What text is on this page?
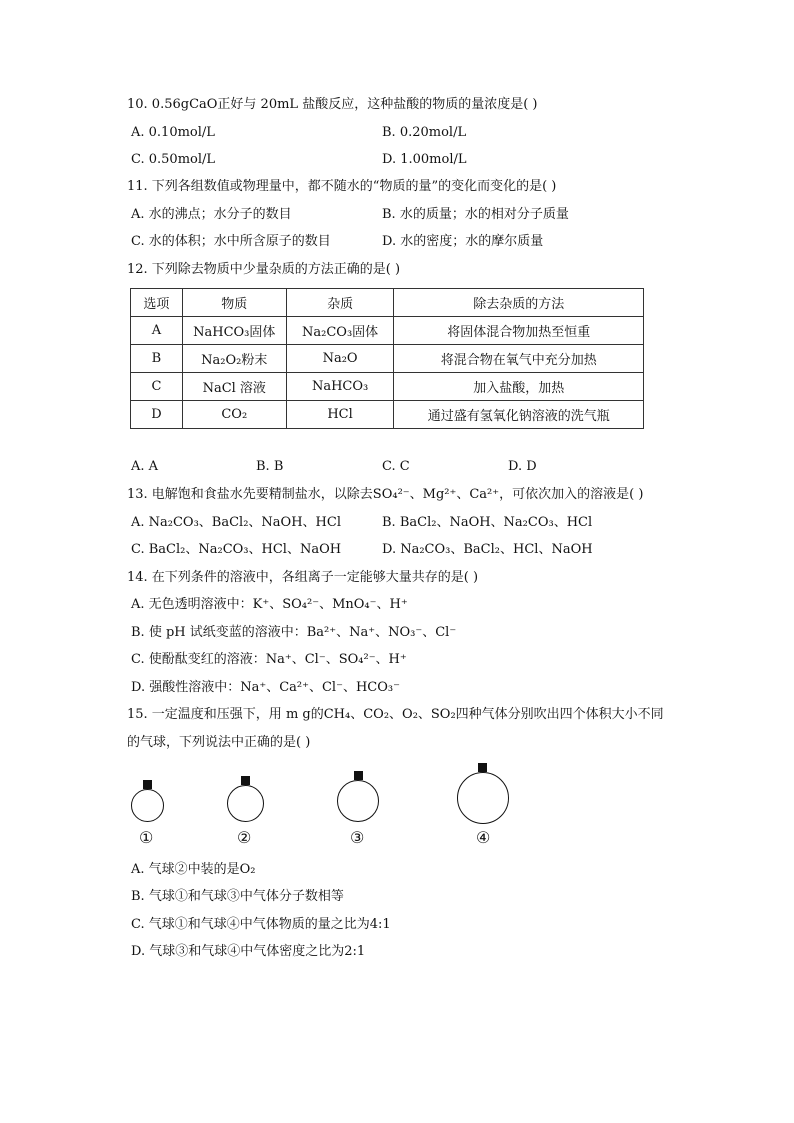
10. 0.56gCaO正好与 20mL 盐酸反应，这种盐酸的物质的量浓度是( )
A. 0.10mol/L	B. 0.20mol/L
C. 0.50mol/L	D. 1.00mol/L
11. 下列各组数值或物理量中，都不随水的“物质的量”的变化而变化的是( )
A. 水的沸点；水分子的数目	B. 水的质量；水的相对分子质量
C. 水的体积；水中所含原子的数目	D. 水的密度；水的摩尔质量
12. 下列除去物质中少量杂质的方法正确的是( )
选项	物质	杂质	除去杂质的方法
A	NaHCO₃固体	Na₂CO₃固体	将固体混合物加热至恒重
B	Na₂O₂粉末	Na₂O	将混合物在氧气中充分加热
C	NaCl 溶液	NaHCO₃	加入盐酸，加热
D	CO₂	HCl	通过盛有氢氧化钠溶液的洗气瓶
A. A	B. B	C. C	D. D
13. 电解饱和食盐水先要精制盐水，以除去SO₄²⁻、Mg²⁺、Ca²⁺，可依次加入的溶液是( )
A. Na₂CO₃、BaCl₂、NaOH、HCl	B. BaCl₂、NaOH、Na₂CO₃、HCl
C. BaCl₂、Na₂CO₃、HCl、NaOH	D. Na₂CO₃、BaCl₂、HCl、NaOH
14. 在下列条件的溶液中，各组离子一定能够大量共存的是( )
A. 无色透明溶液中：K⁺、SO₄²⁻、MnO₄⁻、H⁺
B. 使 pH 试纸变蓝的溶液中：Ba²⁺、Na⁺、NO₃⁻、Cl⁻
C. 使酚酞变红的溶液：Na⁺、Cl⁻、SO₄²⁻、H⁺
D. 强酸性溶液中：Na⁺、Ca²⁺、Cl⁻、HCO₃⁻
15. 一定温度和压强下，用 m g的CH₄、CO₂、O₂、SO₂四种气体分别吹出四个体积大小不同
的气球，下列说法中正确的是( )
①	②	③	④
A. 气球②中装的是O₂
B. 气球①和气球③中气体分子数相等
C. 气球①和气球④中气体物质的量之比为4:1
D. 气球③和气球④中气体密度之比为2:1
